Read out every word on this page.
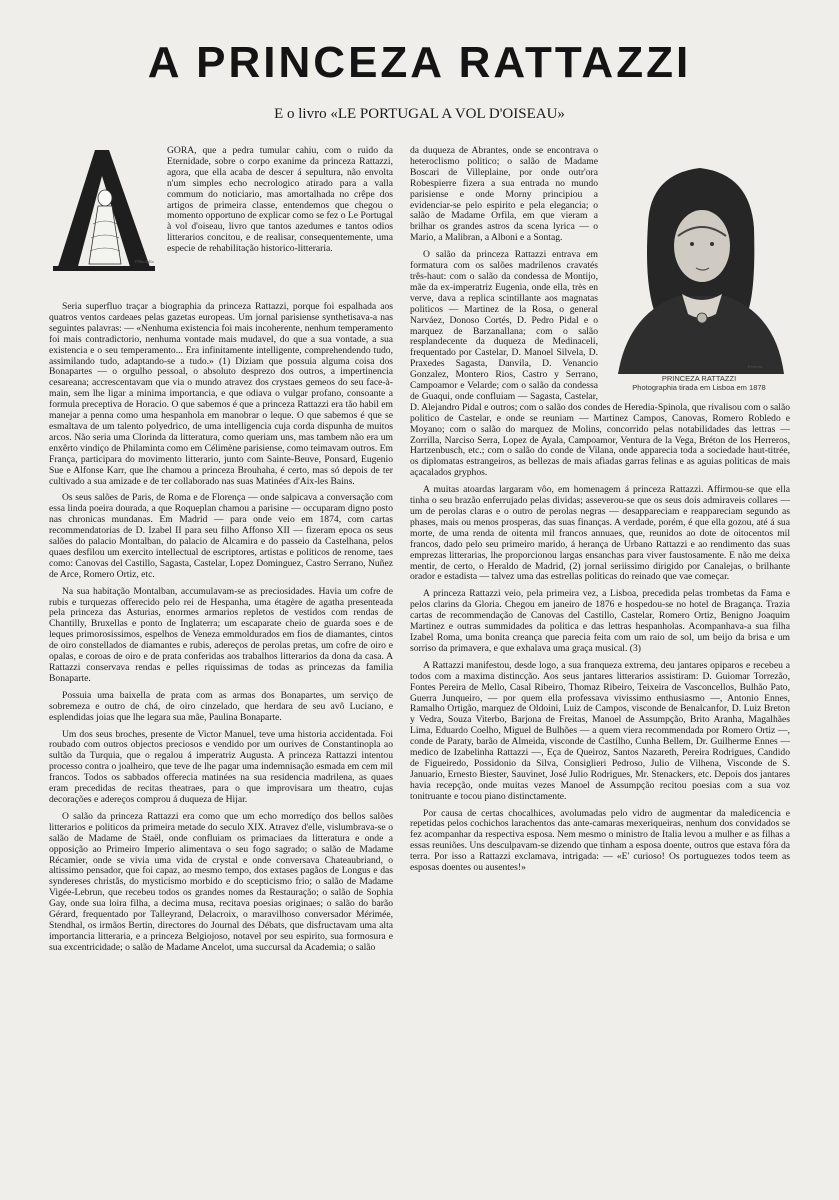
A PRINCEZA RATTAZZI
E o livro «LE PORTUGAL A VOL D'OISEAU»

P.Bordallo
GORA, que a pedra tumular cahiu, com o ruido da Eternidade, sobre o corpo exanime da princeza Rattazzi, agora, que ella acaba de descer á sepultura, não envolta n'um simples echo necrologico atirado para a valla commum do noticiario, mas amortalhada no crêpe dos artigos de primeira classe, entendemos que chegou o momento opportuno de explicar como se fez o Le Portugal à vol d'oiseau, livro que tantos azedumes e tantos odios litterarios concitou, e de realisar, consequentemente, uma especie de rehabilitação historico-litteraria.

Seria superfluo traçar a biographia da princeza Rattazzi, porque foi espalhada aos quatros ventos cardeaes pelas gazetas europeas. Um jornal parisiense synthetisava-a nas seguintes palavras: — «Nenhuma existencia foi mais incoherente, nenhum temperamento foi mais contradictorio, nenhuma vontade mais mudavel, do que a sua vontade, a sua existencia e o seu temperamento... Era infinitamente intelligente, comprehendendo tudo, assimilando tudo, adaptando-se a tudo.» (1) Diziam que possuia alguma coisa dos Bonapartes — o orgulho pessoal, o absoluto desprezo dos outros, a impertinencia cesareana; accrescentavam que via o mundo atravez dos crystaes gemeos do seu face-à-main, sem lhe ligar a minima importancia, e que odiava o vulgar profano, consoante a formula preceptiva de Horacio. O que sabemos é que a princeza Rattazzi era tão habil em manejar a penna como uma hespanhola em manobrar o leque. O que sabemos é que se esmaltava de um talento polyedrico, de uma intelligencia cuja corda dispunha de muitos arcos. Não seria uma Clorinda da litteratura, como queriam uns, mas tambem não era um enxêrto vindiço de Philaminta como em Célimène parisiense, como teimavam outros. Em França, participara do movimento litterario, junto com Sainte-Beuve, Ponsard, Eugenio Sue e Alfonse Karr, que lhe chamou a princeza Brouhaha, é certo, mas só depois de ter cultivado a sua amizade e de ter collaborado nas suas Matinées d'Aix-les Bains.

Os seus salões de Paris, de Roma e de Florença — onde salpicava a conversação com essa linda poeira dourada, a que Roqueplan chamou a parisine — occuparam digno posto nas chronicas mundanas. Em Madrid — para onde veio em 1874, com cartas recommendatorias de D. Izabel II para seu filho Affonso XII — fizeram epoca os seus salões do palacio Montalban, do palacio de Alcamira e do passeio da Castelhana, pelos quaes desfilou um exercito intellectual de escriptores, artistas e politicos de renome, taes como: Canovas del Castillo, Sagasta, Castelar, Lopez Dominguez, Castro Serrano, Nuñez de Arce, Romero Ortiz, etc.

Na sua habitação Montalban, accumulavam-se as preciosidades. Havia um cofre de rubis e turquezas offerecido pelo rei de Hespanha, uma étagère de agatha presenteada pela princeza das Asturias, enormes armarios repletos de vestidos com rendas de Chantilly, Bruxellas e ponto de Inglaterra; um escaparate cheio de guarda soes e de leques primorosissimos, espelhos de Veneza emmoldurados em fios de diamantes, cintos de oiro constellados de diamantes e rubis, adereços de perolas pretas, um cofre de oiro e opalas, e coroas de oiro e de prata conferidas aos trabalhos litterarios da dona da casa. A Rattazzi conservava rendas e pelles riquissimas de todas as princezas da familia Bonaparte.

Possuia uma baixella de prata com as armas dos Bonapartes, um serviço de sobremeza e outro de chá, de oiro cinzelado, que herdara de seu avô Luciano, e esplendidas joias que lhe legara sua mãe, Paulina Bonaparte.

Um dos seus broches, presente de Victor Manuel, teve uma historia accidentada. Foi roubado com outros objectos preciosos e vendido por um ourives de Constantinopla ao sultão da Turquia, que o regalou á imperatriz Augusta. A princeza Rattazzi intentou processo contra o joalheiro, que teve de lhe pagar uma indemnisação esmada em cem mil francos. Todos os sabbados offerecia matinées na sua residencia madrilena, as quaes eram precedidas de recitas theatraes, para o que improvisara um theatro, cujas decorações e adereços comprou á duqueza de Hijar.

O salão da princeza Rattazzi era como que um echo morredíço dos bellos salões litterarios e politicos da primeira metade do seculo XIX. Atravez d'elle, vislumbrava-se o salão de Madame de Staël, onde confluiam os primaciaes da litteratura e onde a opposição ao Primeiro Imperio alimentava o seu fogo sagrado; o salão de Madame Récamier, onde se vivia uma vida de crystal e onde conversava Chateaubriand, o altissimo pensador, que foi capaz, ao mesmo tempo, dos extases pagãos de Longus e das syndereses christãs, do mysticismo morbido e do scepticismo frio; o salão de Madame Vigée-Lebrun, que recebeu todos os grandes nomes da Restauração; o salão de Sophia Gay, onde sua loira filha, a decima musa, recitava poesias originaes; o salão do barão Gérard, frequentado por Talleyrand, Delacroix, o maravilhoso conversador Mérimée, Stendhal, os irmãos Bertin, directores do Journal des Débats, que disfructavam uma alta importancia litteraria, e a princeza Belgiojoso, notavel por seu espirito, sua formosura e sua excentricidade; o salão de Madame Ancelot, uma succursal da Academia; o salão

Ferreira
PRINCEZA RATTAZZI
Photographia tirada em Lisboa em 1878

da duqueza de Abrantes, onde se encontrava o heteroclismo politico; o salão de Madame Boscari de Villeplaine, por onde outr'ora Robespierre fizera a sua entrada no mundo parisiense e onde Morny principiou a evidenciar-se pelo espirito e pela elegancia; o salão de Madame Orfila, em que vieram a brilhar os grandes astros da scena lyrica — o Mario, a Malibran, a Alboni e a Sontag.

O salão da princeza Rattazzi entrava em formatura com os salões madrilenos cravatés três-haut: com o salão da condessa de Montijo, mãe da ex-imperatriz Eugenia, onde ella, très en verve, dava a replica scintillante aos magnatas politicos — Martinez de la Rosa, o general Narváez, Donoso Cortés, D. Pedro Pidal e o marquez de Barzanallana; com o salão resplandecente da duqueza de Medinaceli, frequentado por Castelar, D. Manoel Silvela, D. Praxedes Sagasta, Danvila, D. Venancio Gonzalez, Montero Rios, Castro y Serrano, Campoamor e Velarde; com o salão da condessa de Guaqui, onde confluiam — Sagasta, Castelar, D. Alejandro Pidal e outros; com o salão dos condes de Heredia-Spinola, que rivalisou com o salão politico de Castelar, e onde se reuniam — Martinez Campos, Canovas, Romero Robledo e Moyano; com o salão do marquez de Molins, concorrido pelas notabilidades das lettras — Zorrilla, Narciso Serra, Lopez de Ayala, Campoamor, Ventura de la Vega, Bréton de los Herreros, Hartzenbusch, etc.; com o salão do conde de Vilana, onde apparecia toda a sociedade haut-titrée, os diplomatas estrangeiros, as bellezas de mais afiadas garras felinas e as aguias politicas de mais açacalados gryphos.

A muitas atoardas largaram vôo, em homenagem á princeza Rattazzi. Affirmou-se que ella tinha o seu brazão enferrujado pelas dividas; asseverou-se que os seus dois admiraveis collares — um de perolas claras e o outro de perolas negras — desappareciam e reappareciam segundo as phases, mais ou menos prosperas, das suas finanças. A verdade, porém, é que ella gozou, até á sua morte, de uma renda de oitenta mil francos annuaes, que, reunidos ao dote de oitocentos mil francos, dado pelo seu primeiro marido, á herança de Urbano Rattazzi e ao rendimento das suas emprezas litterarias, lhe proporcionou largas ensanchas para viver faustosamente. E não me deixa mentir, de certo, o Heraldo de Madrid, (2) jornal seriissimo dirigido por Canalejas, o brilhante orador e estadista — talvez uma das estrellas politicas do reinado que vae começar.

A princeza Rattazzi veio, pela primeira vez, a Lisboa, precedida pelas trombetas da Fama e pelos clarins da Gloria. Chegou em janeiro de 1876 e hospedou-se no hotel de Bragança. Trazia cartas de recommendação de Canovas del Castillo, Castelar, Romero Ortiz, Benigno Joaquim Martinez e outras summidades da politica e das lettras hespanholas. Acompanhava-a sua filha Izabel Roma, uma bonita creança que parecia feita com um raio de sol, um beijo da brisa e um sorriso da primavera, e que exhalava uma graça musical. (3)

A Rattazzi manifestou, desde logo, a sua franqueza extrema, deu jantares opiparos e recebeu a todos com a maxima distincção. Aos seus jantares litterarios assistiram: D. Guiomar Torrezão, Fontes Pereira de Mello, Casal Ribeiro, Thomaz Ribeiro, Teixeira de Vasconcellos, Bulhão Pato, Guerra Junqueiro, — por quem ella professava vivissimo enthusiasmo —, Antonio Ennes, Ramalho Ortigão, marquez de Oldoini, Luiz de Campos, visconde de Benalcanfor, D. Luiz Breton y Vedra, Souza Viterbo, Barjona de Freitas, Manoel de Assumpção, Brito Aranha, Magalhães Lima, Eduardo Coelho, Miguel de Bulhões — a quem viera recommendada por Romero Ortiz —, conde de Paraty, barão de Almeida, visconde de Castilho, Cunha Bellem, Dr. Guilherme Ennes — medico de Izabelinha Rattazzi —, Eça de Queiroz, Santos Nazareth, Pereira Rodrigues, Candido de Figueiredo, Possidonio da Silva, Consiglieri Pedroso, Julio de Vilhena, Visconde de S. Januario, Ernesto Biester, Sauvinet, José Julio Rodrigues, Mr. Stenackers, etc. Depois dos jantares havia recepção, onde muitas vezes Manoel de Assumpção recitou poesias com a sua voz tonitruante e tocou piano distinctamente.

Por causa de certas chocalhices, avolumadas pelo vidro de augmentar da maledicencia e repetidas pelos cochichos larachentos das ante-camaras mexeriqueiras, nenhum dos convidados se fez acompanhar da respectiva esposa. Nem mesmo o ministro de Italia levou a mulher e as filhas a essas reuniões. Uns desculpavam-se dizendo que tinham a esposa doente, outros que estava fóra da terra. Por isso a Rattazzi exclamava, intrigada: — «E' curioso! Os portuguezes todos teem as esposas doentes ou ausentes!»
